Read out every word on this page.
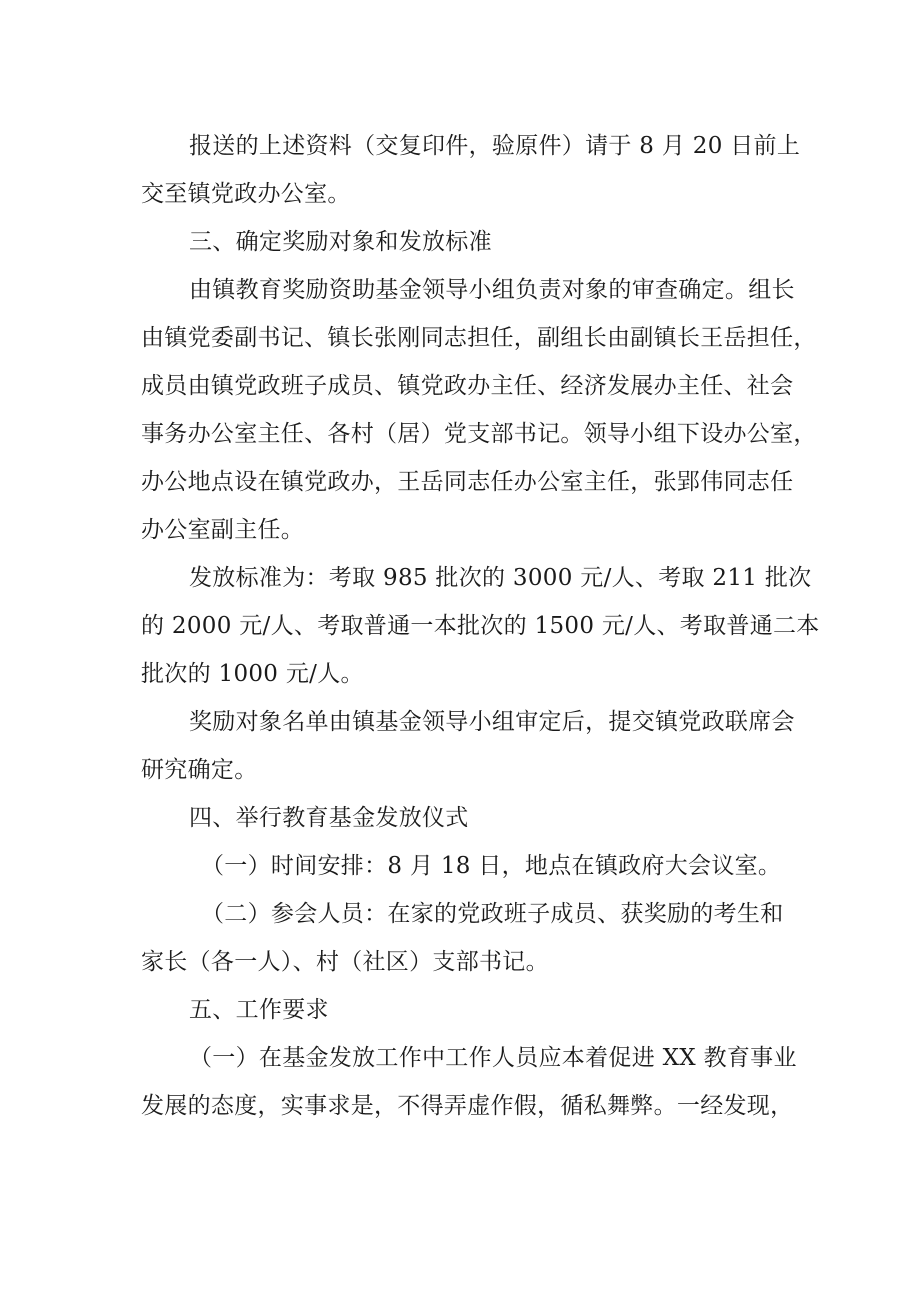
报送的上述资料（交复印件，验原件）请于 8 月 20 日前上
交至镇党政办公室。
三、确定奖励对象和发放标准
由镇教育奖励资助基金领导小组负责对象的审查确定。组长
由镇党委副书记、镇长张刚同志担任，副组长由副镇长王岳担任，
成员由镇党政班子成员、镇党政办主任、经济发展办主任、社会
事务办公室主任、各村（居）党支部书记。领导小组下设办公室，
办公地点设在镇党政办，王岳同志任办公室主任，张郢伟同志任
办公室副主任。
发放标准为：考取 985 批次的 3000 元/人、考取 211 批次
的 2000 元/人、考取普通一本批次的 1500 元/人、考取普通二本
批次的 1000 元/人。
奖励对象名单由镇基金领导小组审定后，提交镇党政联席会
研究确定。
四、举行教育基金发放仪式
（一）时间安排：8 月 18 日，地点在镇政府大会议室。
（二）参会人员：在家的党政班子成员、获奖励的考生和
家长（各一人）、村（社区）支部书记。
五、工作要求
（一）在基金发放工作中工作人员应本着促进 XX 教育事业
发展的态度，实事求是，不得弄虚作假，循私舞弊。一经发现，
